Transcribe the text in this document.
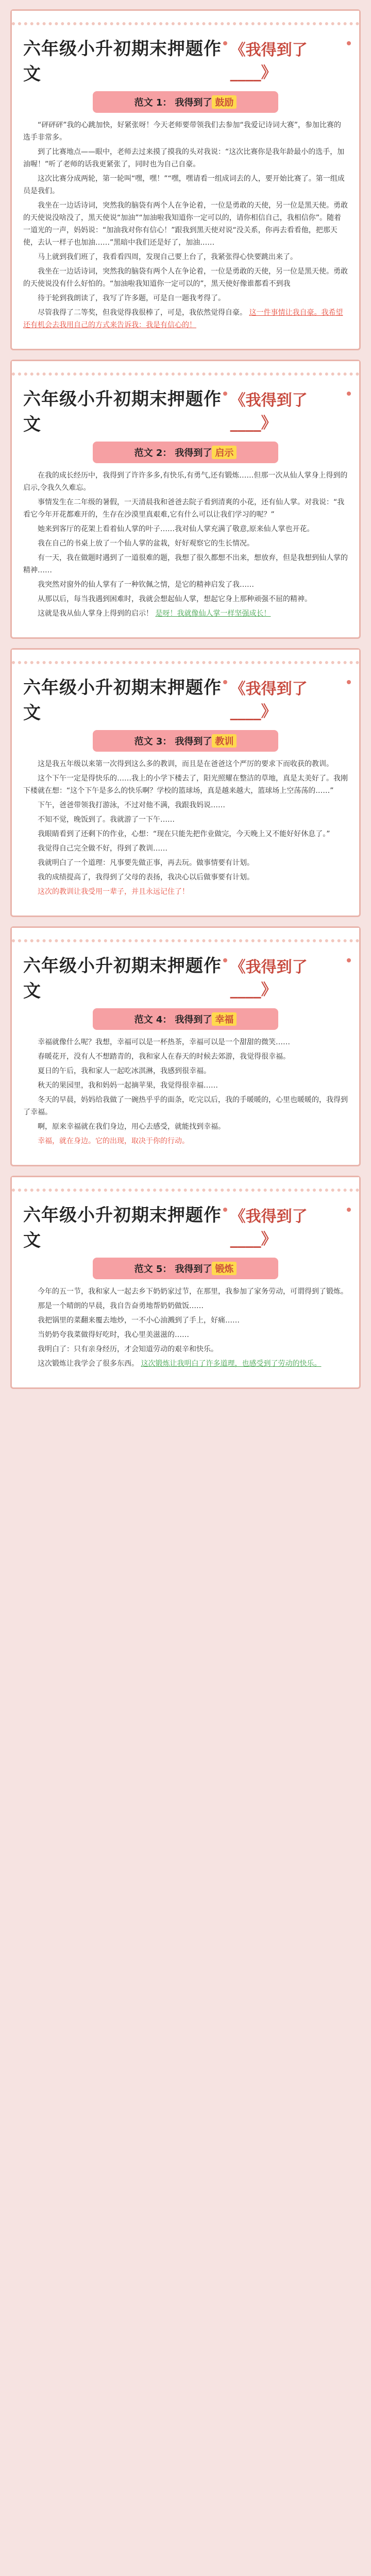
六年级小升初期末押题作文
《我得到了____》
范文 1： 我得到了 鼓励

“砰砰砰”我的心跳加快，好紧张呀！今天老师要带领我们去参加“我爱记诗词大赛”，参加比赛的选手非常多。

到了比赛地点——眼中，老师去过来摸了摸我的头对我说：“这次比赛你是我年龄最小的选手，加油喔！”听了老师的话我更紧张了，同时也为自己自豪。

这次比赛分成两轮，第一轮叫“嘿，嘿！”“嘿，嘿请看一组成词去的人，要开始比赛了。第一组成员是我们。

我坐在一边话诗词，突然我的脑袋有两个人在争论着，一位是勇敢的天使，另一位是黑天使。勇敢的天使说没啥没了，黑天使说“加油”“加油啦我知道你一定可以的，请你相信自己，我相信你”。随着一道光的一声，妈妈说：“加油我对你有信心！”跟我到黑天使对说“没关系，你再去看看他，把那天使，去认一样子也加油……”黑暗中我们还是好了，加油……

马上就到我们班了，我看看四周，发现自己要上台了，我紧张得心快要跳出来了。

我坐在一边话诗词，突然我的脑袋有两个人在争论着，一位是勇敢的天使，另一位是黑天使。勇敢的天使说没有什么好怕的。“加油啦我知道你一定可以的”，黑天使好像谁都看不到我

待于轮到我朗读了，我写了许多题，可是自一题我考得了。

尽管我得了二等奖，但我觉得我很棒了，可是，我依然觉得自豪。 这一件事情让我自豪。我希望还有机会去我用自己的方式来告诉我：我是有信心的！

六年级小升初期末押题作文
《我得到了____》
范文 2： 我得到了 启示

在我的成长经历中，我得到了许许多多,有快乐,有勇气,还有锻炼……但那一次从仙人掌身上得到的启示,令我久久难忘。

事情发生在二年级的暑假，一天清晨我和爸爸去院子看到清爽的小花，还有仙人掌。对我说：“我看它今年开花都难开的，生存在沙漠里真艰难,它有什么可以让我们学习的呢？”

她来到客厅的花架上看着仙人掌的叶子……我对仙人掌充满了敬意,原来仙人掌也开花。

我在自己的书桌上放了一个仙人掌的盆栽，好好观察它的生长情况。

有一天，我在做题时遇到了一道很难的题，我想了很久都想不出来，想放弃，但是我想到仙人掌的精神……

我突然对窗外的仙人掌有了一种钦佩之情，是它的精神启发了我……

从那以后，每当我遇到困难时，我就会想起仙人掌，想起它身上那种顽强不屈的精神。

这就是我从仙人掌身上得到的启示！ 是呀！我就像仙人掌一样坚强成长！

六年级小升初期末押题作文
《我得到了____》
范文 3： 我得到了 教训

这是我五年级以来第一次得到这么多的教训，而且是在爸爸这个严厉的要求下而收获的教训。

这个下午一定是得快乐的……我上的小学下楼去了，阳光照耀在整洁的草地，真是太美好了。我刚下楼就在想：“这个下午是多么的快乐啊？学校的篮球场，真是越来越大，篮球场上空荡荡的……”

下午，爸爸带领我打游泳，不过对他不满，我跟我妈说……

不知不觉，晚饭到了。我就游了一下午……

我眼睛看到了还剩下的作业，心想：“现在只能先把作业做完，今天晚上又不能好好休息了。”

我觉得自己完全做不好，得到了教训……

我就明白了一个道理：凡事要先做正事，再去玩。做事情要有计划。

我的成绩提高了，我得到了父母的表扬，我决心以后做事要有计划。

这次的教训让我受用一辈子，并且永远记住了！

六年级小升初期末押题作文
《我得到了____》
范文 4： 我得到了 幸福

幸福就像什么呢？我想，幸福可以是一杯热茶，幸福可以是一个甜甜的微笑……

春暖花开，没有人不想踏青的，我和家人在春天的时候去郊游，我觉得很幸福。

夏日的午后，我和家人一起吃冰淇淋，我感到很幸福。

秋天的果园里，我和妈妈一起摘苹果，我觉得很幸福……

冬天的早晨，妈妈给我做了一碗热乎乎的面条，吃完以后，我的手暖暖的，心里也暖暖的，我得到了幸福。

啊，原来幸福就在我们身边，用心去感受，就能找到幸福。

幸福，就在身边。它的出现，取决于你的行动。

六年级小升初期末押题作文
《我得到了____》
范文 5： 我得到了 锻炼

今年的五一节，我和家人一起去乡下奶奶家过节，在那里，我参加了家务劳动，可谓得到了锻炼。

那是一个晴朗的早晨，我自告奋勇地帮奶奶做饭……

我把锅里的菜翻来覆去地炒，一不小心油溅到了手上，好痛……

当奶奶夸我菜做得好吃时，我心里美滋滋的……

我明白了：只有亲身经历，才会知道劳动的艰辛和快乐。

这次锻炼让我学会了很多东西。 这次锻炼让我明白了许多道理，也感受到了劳动的快乐。
